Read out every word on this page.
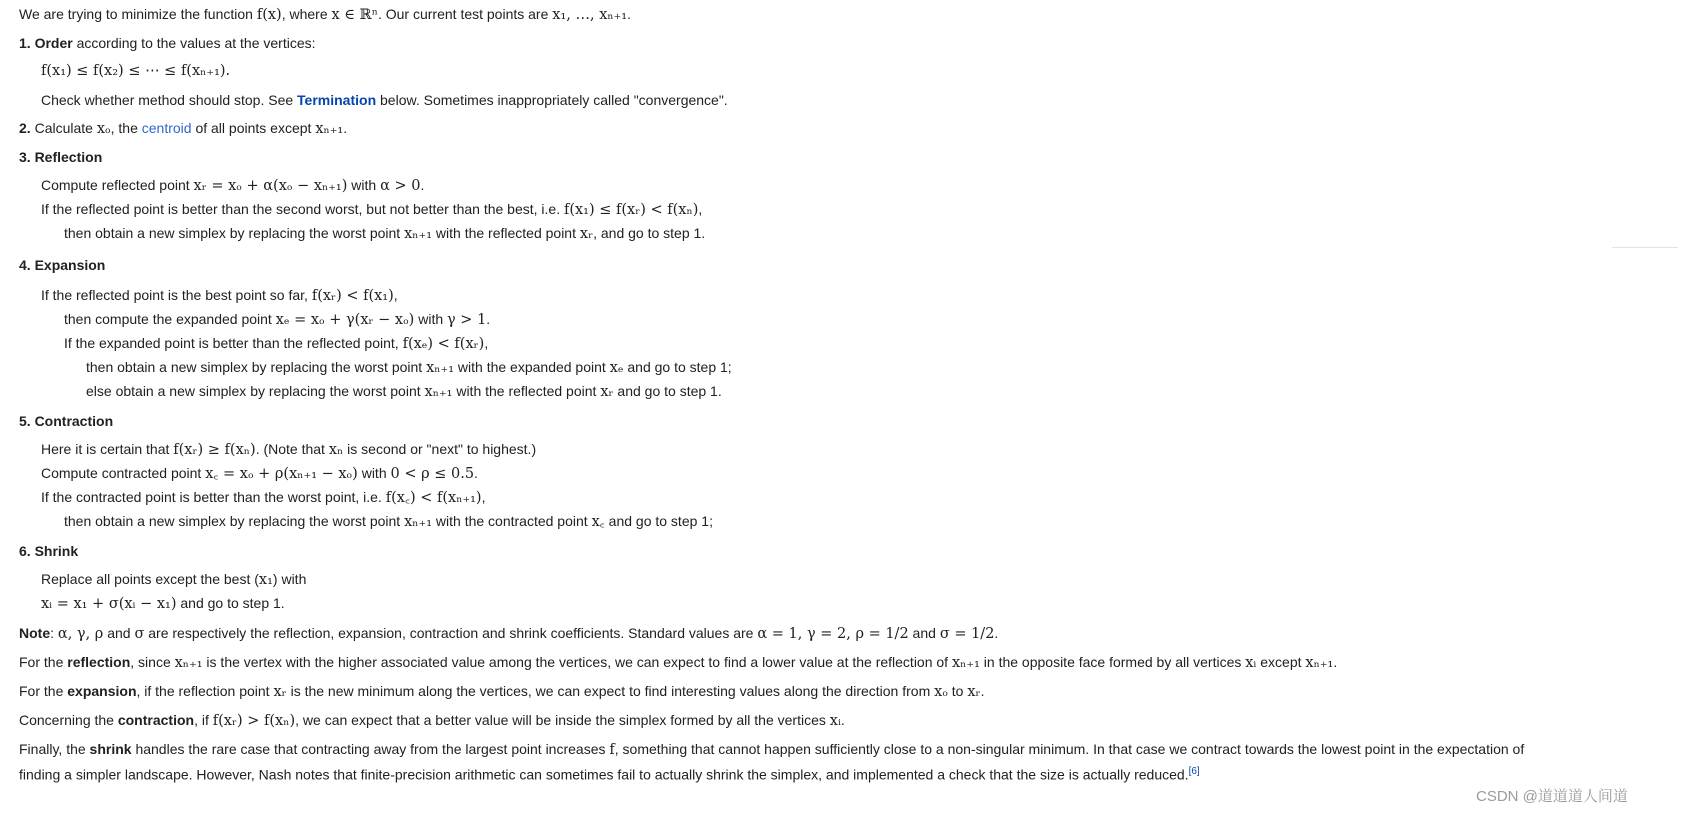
We are trying to minimize the function f(x), where x ∈ ℝⁿ. Our current test points are x₁, …, xₙ₊₁.
1. Order according to the values at the vertices:
f(x₁) ≤ f(x₂) ≤ ⋯ ≤ f(xₙ₊₁).
Check whether method should stop. See Termination below. Sometimes inappropriately called "convergence".
2. Calculate xₒ, the centroid of all points except xₙ₊₁.
3. Reflection
Compute reflected point xᵣ = xₒ + α(xₒ − xₙ₊₁) with α > 0.
If the reflected point is better than the second worst, but not better than the best, i.e. f(x₁) ≤ f(xᵣ) < f(xₙ),
then obtain a new simplex by replacing the worst point xₙ₊₁ with the reflected point xᵣ, and go to step 1.
4. Expansion
If the reflected point is the best point so far, f(xᵣ) < f(x₁),
then compute the expanded point xₑ = xₒ + γ(xᵣ − xₒ) with γ > 1.
If the expanded point is better than the reflected point, f(xₑ) < f(xᵣ),
then obtain a new simplex by replacing the worst point xₙ₊₁ with the expanded point xₑ and go to step 1;
else obtain a new simplex by replacing the worst point xₙ₊₁ with the reflected point xᵣ and go to step 1.
5. Contraction
Here it is certain that f(xᵣ) ≥ f(xₙ). (Note that xₙ is second or "next" to highest.)
Compute contracted point x꜀ = xₒ + ρ(xₙ₊₁ − xₒ) with 0 < ρ ≤ 0.5.
If the contracted point is better than the worst point, i.e. f(x꜀) < f(xₙ₊₁),
then obtain a new simplex by replacing the worst point xₙ₊₁ with the contracted point x꜀ and go to step 1;
6. Shrink
Replace all points except the best (x₁) with
xᵢ = x₁ + σ(xᵢ − x₁) and go to step 1.
Note: α, γ, ρ and σ are respectively the reflection, expansion, contraction and shrink coefficients. Standard values are α = 1, γ = 2, ρ = 1/2 and σ = 1/2.
For the reflection, since xₙ₊₁ is the vertex with the higher associated value among the vertices, we can expect to find a lower value at the reflection of xₙ₊₁ in the opposite face formed by all vertices xᵢ except xₙ₊₁.
For the expansion, if the reflection point xᵣ is the new minimum along the vertices, we can expect to find interesting values along the direction from xₒ to xᵣ.
Concerning the contraction, if f(xᵣ) > f(xₙ), we can expect that a better value will be inside the simplex formed by all the vertices xᵢ.
Finally, the shrink handles the rare case that contracting away from the largest point increases f, something that cannot happen sufficiently close to a non-singular minimum. In that case we contract towards the lowest point in the expectation of
finding a simpler landscape. However, Nash notes that finite-precision arithmetic can sometimes fail to actually shrink the simplex, and implemented a check that the size is actually reduced.[6]
CSDN @道道道人间道
